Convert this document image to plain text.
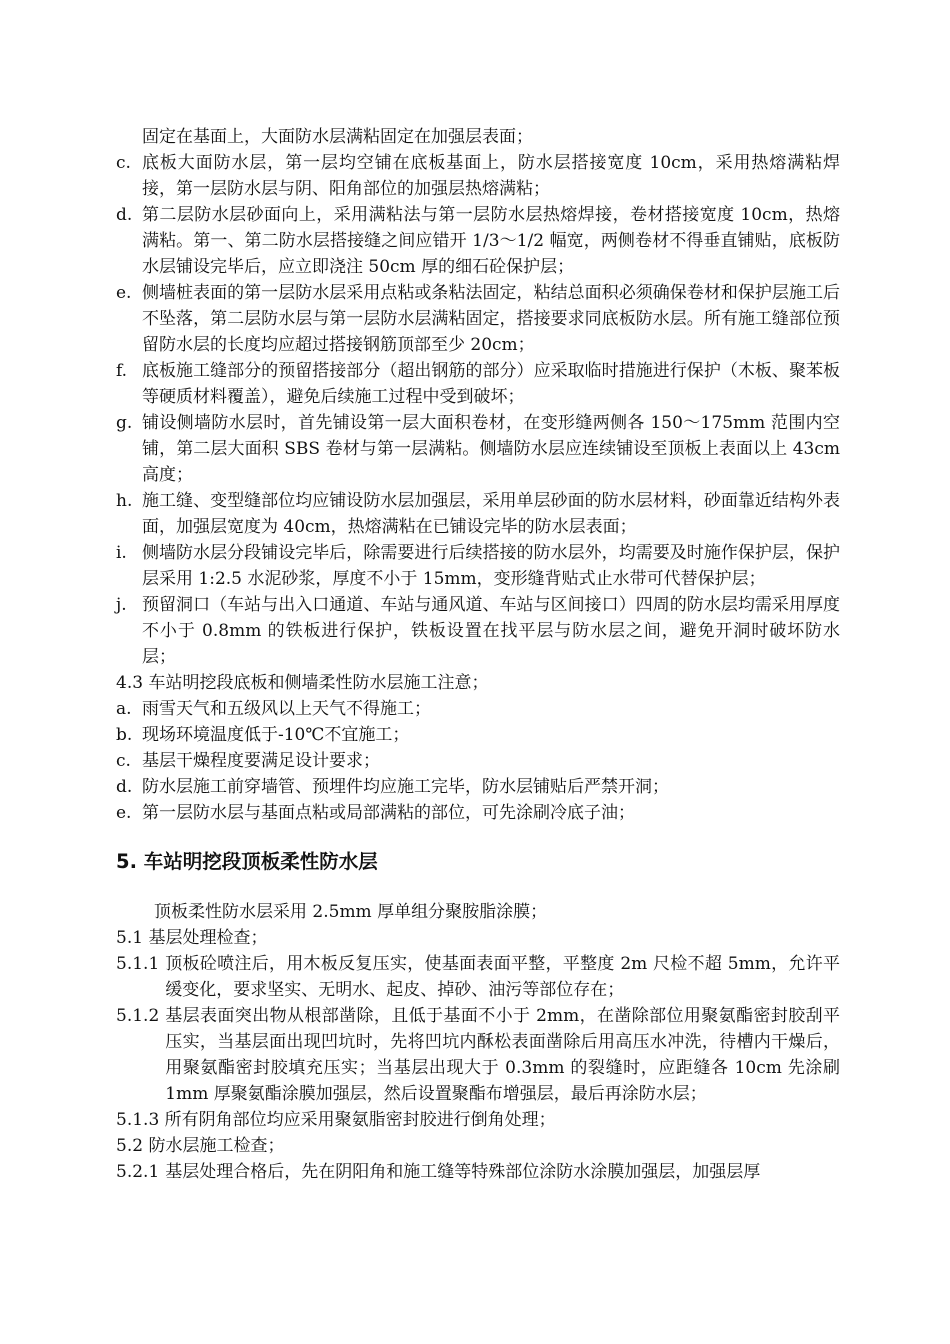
固定在基面上，大面防水层满粘固定在加强层表面；
c. 底板大面防水层，第一层均空铺在底板基面上，防水层搭接宽度 10cm，采用热熔满粘焊接，第一层防水层与阴、阳角部位的加强层热熔满粘；
d. 第二层防水层砂面向上，采用满粘法与第一层防水层热熔焊接，卷材搭接宽度 10cm，热熔满粘。第一、第二防水层搭接缝之间应错开 1/3～1/2 幅宽，两侧卷材不得垂直铺贴，底板防水层铺设完毕后，应立即浇注 50cm 厚的细石砼保护层；
e. 侧墙桩表面的第一层防水层采用点粘或条粘法固定，粘结总面积必须确保卷材和保护层施工后不坠落，第二层防水层与第一层防水层满粘固定，搭接要求同底板防水层。所有施工缝部位预留防水层的长度均应超过搭接钢筋顶部至少 20cm；
f. 底板施工缝部分的预留搭接部分（超出钢筋的部分）应采取临时措施进行保护（木板、聚苯板等硬质材料覆盖），避免后续施工过程中受到破坏；
g. 铺设侧墙防水层时，首先铺设第一层大面积卷材，在变形缝两侧各 150～175mm 范围内空铺，第二层大面积 SBS 卷材与第一层满粘。侧墙防水层应连续铺设至顶板上表面以上 43cm 高度；
h. 施工缝、变型缝部位均应铺设防水层加强层，采用单层砂面的防水层材料，砂面靠近结构外表面，加强层宽度为 40cm，热熔满粘在已铺设完毕的防水层表面；
i. 侧墙防水层分段铺设完毕后，除需要进行后续搭接的防水层外，均需要及时施作保护层，保护层采用 1:2.5 水泥砂浆，厚度不小于 15mm，变形缝背贴式止水带可代替保护层；
j. 预留洞口（车站与出入口通道、车站与通风道、车站与区间接口）四周的防水层均需采用厚度不小于 0.8mm 的铁板进行保护，铁板设置在找平层与防水层之间，避免开洞时破坏防水层；
4.3 车站明挖段底板和侧墙柔性防水层施工注意；
a. 雨雪天气和五级风以上天气不得施工；
b. 现场环境温度低于-10℃不宜施工；
c. 基层干燥程度要满足设计要求；
d. 防水层施工前穿墙管、预埋件均应施工完毕，防水层铺贴后严禁开洞；
e. 第一层防水层与基面点粘或局部满粘的部位，可先涂刷冷底子油；
5. 车站明挖段顶板柔性防水层
顶板柔性防水层采用 2.5mm 厚单组分聚胺脂涂膜；
5.1 基层处理检查；
5.1.1 顶板砼喷注后，用木板反复压实，使基面表面平整，平整度 2m 尺检不超 5mm，允许平缓变化，要求坚实、无明水、起皮、掉砂、油污等部位存在；
5.1.2 基层表面突出物从根部凿除，且低于基面不小于 2mm，在凿除部位用聚氨酯密封胶刮平压实，当基层面出现凹坑时，先将凹坑内酥松表面凿除后用高压水冲洗，待槽内干燥后，用聚氨酯密封胶填充压实；当基层出现大于 0.3mm 的裂缝时，应距缝各 10cm 先涂刷 1mm 厚聚氨酯涂膜加强层，然后设置聚酯布增强层，最后再涂防水层；
5.1.3 所有阴角部位均应采用聚氨脂密封胶进行倒角处理；
5.2 防水层施工检查；
5.2.1 基层处理合格后，先在阴阳角和施工缝等特殊部位涂防水涂膜加强层，加强层厚
